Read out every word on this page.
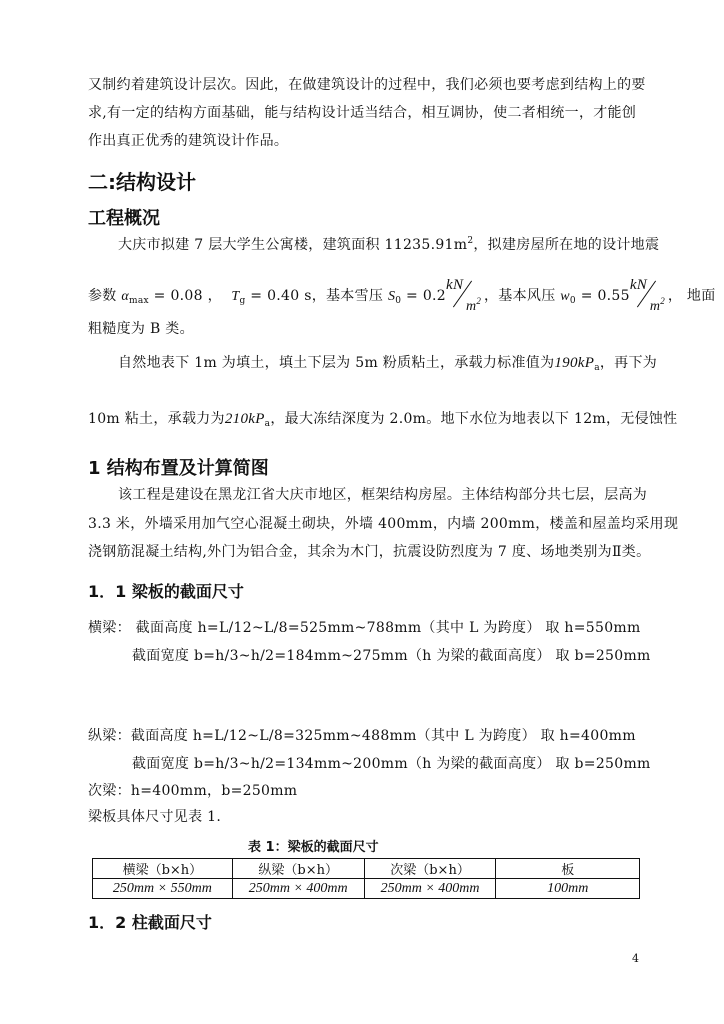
又制约着建筑设计层次。因此，在做建筑设计的过程中，我们必须也要考虑到结构上的要
求,有一定的结构方面基础，能与结构设计适当结合，相互调协，使二者相统一，才能创
作出真正优秀的建筑设计作品。
二:结构设计
工程概况
大庆市拟建 7 层大学生公寓楼，建筑面积 $11235.91m^2$，拟建房屋所在地的设计地震
参数 $\alpha_{max} = 0.08$ ， $T_g = 0.40$ s，基本雪压 $S_0 = 0.2$
kN
$m^2$ ，基本风压 $w_0 = 0.55$
kN
$m^2$ ， 地面
粗糙度为 B 类。
自然地表下 1m 为填土，填土下层为 5m 粉质粘土，承载力标准值为$190kP_a$，再下为
10m 粘土，承载力为$210kP_a$，最大冻结深度为 2.0m。地下水位为地表以下 12m，无侵蚀性
1 结构布置及计算简图
该工程是建设在黑龙江省大庆市地区，框架结构房屋。主体结构部分共七层，层高为
3.3 米，外墙采用加气空心混凝土砌块，外墙 400mm，内墙 200mm，楼盖和屋盖均采用现
浇钢筋混凝土结构,外门为铝合金，其余为木门，抗震设防烈度为 7 度、场地类别为Ⅱ类。
1．1 梁板的截面尺寸
横梁： 截面高度 h=L/12~L/8=525mm~788mm（其中 L 为跨度） 取 h=550mm
截面宽度 b=h/3~h/2=184mm~275mm（h 为梁的截面高度） 取 b=250mm
纵梁：截面高度 h=L/12~L/8=325mm~488mm（其中 L 为跨度） 取 h=400mm
截面宽度 b=h/3~h/2=134mm~200mm（h 为梁的截面高度） 取 b=250mm
次梁：h=400mm，b=250mm
梁板具体尺寸见表 1.
表 1：梁板的截面尺寸
横梁（b×h）	纵梁（b×h）	次梁（b×h）	板
250mm × 550mm	250mm × 400mm	250mm × 400mm	100mm
1．2 柱截面尺寸
4
